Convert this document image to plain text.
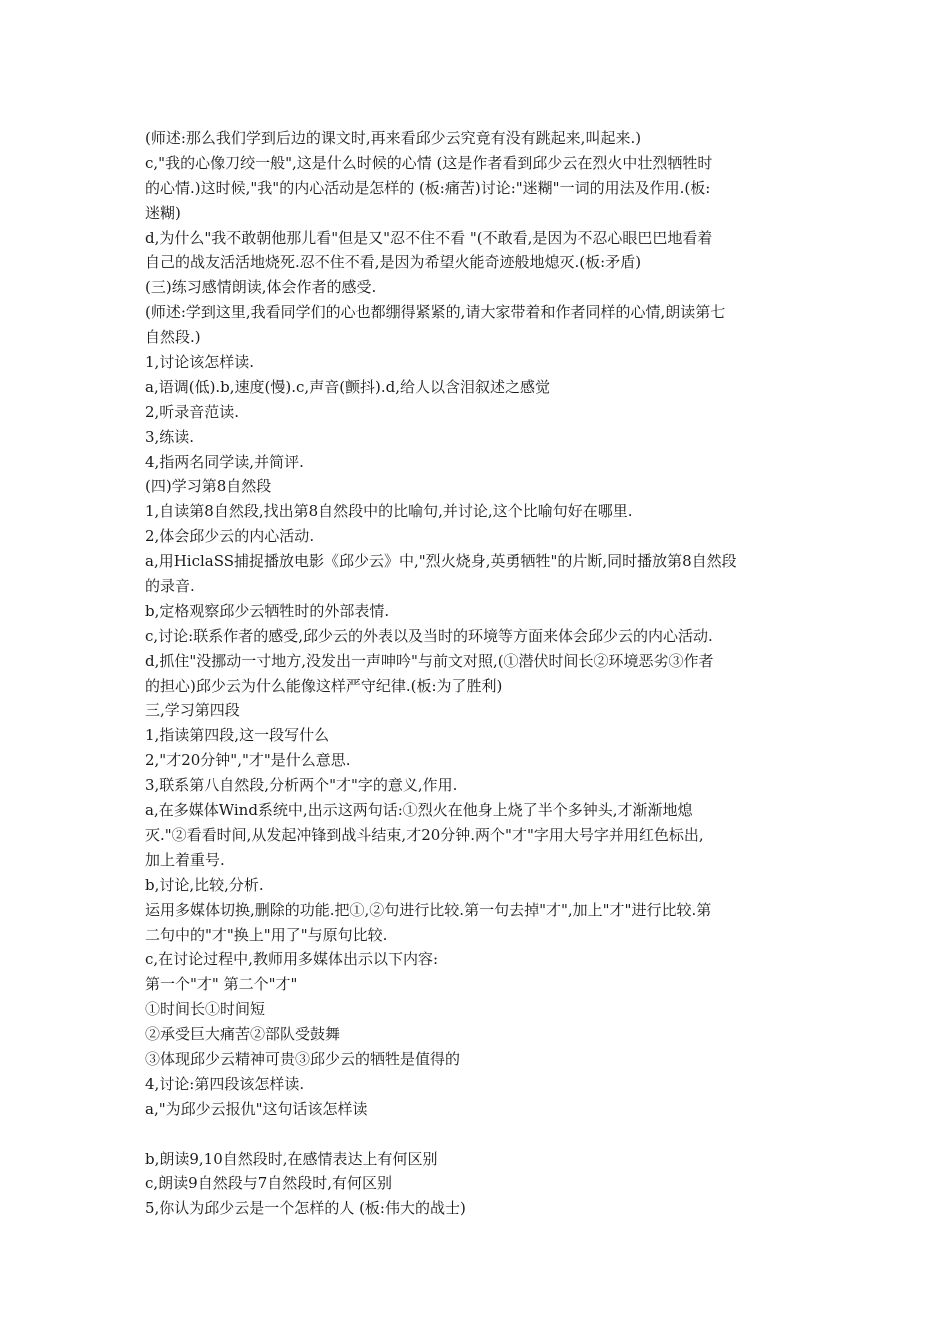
(师述:那么我们学到后边的课文时,再来看邱少云究竟有没有跳起来,叫起来.)
c,"我的心像刀绞一般",这是什么时候的心情 (这是作者看到邱少云在烈火中壮烈牺牲时
的心情.)这时候,"我"的内心活动是怎样的 (板:痛苦)讨论:"迷糊"一词的用法及作用.(板:
迷糊)
d,为什么"我不敢朝他那儿看"但是又"忍不住不看 "(不敢看,是因为不忍心眼巴巴地看着
自己的战友活活地烧死.忍不住不看,是因为希望火能奇迹般地熄灭.(板:矛盾)
(三)练习感情朗读,体会作者的感受.
(师述:学到这里,我看同学们的心也都绷得紧紧的,请大家带着和作者同样的心情,朗读第七
自然段.)
1,讨论该怎样读.
a,语调(低).b,速度(慢).c,声音(颤抖).d,给人以含泪叙述之感觉
2,听录音范读.
3,练读.
4,指两名同学读,并简评.
(四)学习第8自然段
1,自读第8自然段,找出第8自然段中的比喻句,并讨论,这个比喻句好在哪里.
2,体会邱少云的内心活动.
a,用HiclaSS捕捉播放电影《邱少云》中,"烈火烧身,英勇牺牲"的片断,同时播放第8自然段
的录音.
b,定格观察邱少云牺牲时的外部表情.
c,讨论:联系作者的感受,邱少云的外表以及当时的环境等方面来体会邱少云的内心活动.
d,抓住"没挪动一寸地方,没发出一声呻吟"与前文对照,(①潜伏时间长②环境恶劣③作者
的担心)邱少云为什么能像这样严守纪律.(板:为了胜利)
三,学习第四段
1,指读第四段,这一段写什么
2,"才20分钟","才"是什么意思.
3,联系第八自然段,分析两个"才"字的意义,作用.
a,在多媒体Wind系统中,出示这两句话:①烈火在他身上烧了半个多钟头,才渐渐地熄
灭."②看看时间,从发起冲锋到战斗结束,才20分钟.两个"才"字用大号字并用红色标出,
加上着重号.
b,讨论,比较,分析.
运用多媒体切换,删除的功能.把①,②句进行比较.第一句去掉"才",加上"才"进行比较.第
二句中的"才"换上"用了"与原句比较.
c,在讨论过程中,教师用多媒体出示以下内容:
第一个"才" 第二个"才"
①时间长①时间短
②承受巨大痛苦②部队受鼓舞
③体现邱少云精神可贵③邱少云的牺牲是值得的
4,讨论:第四段该怎样读.
a,"为邱少云报仇"这句话该怎样读
b,朗读9,10自然段时,在感情表达上有何区别
c,朗读9自然段与7自然段时,有何区别
5,你认为邱少云是一个怎样的人 (板:伟大的战士)
